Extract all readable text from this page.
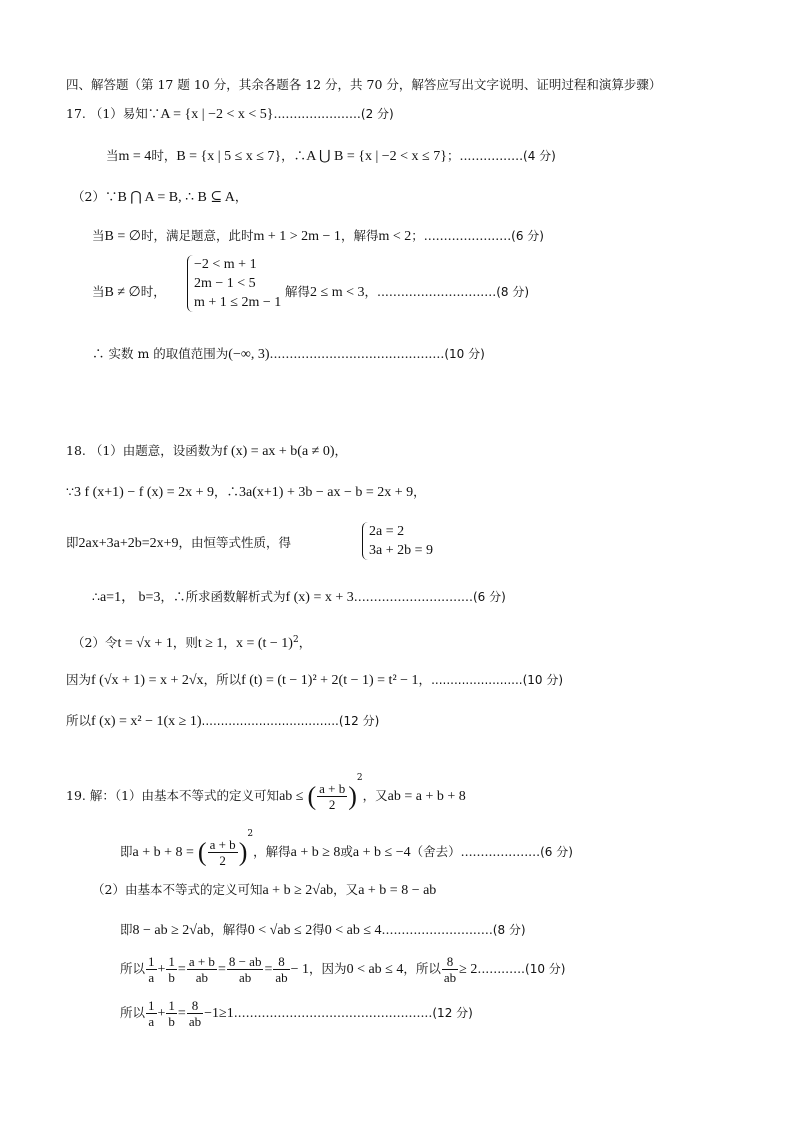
四、解答题（第 17 题 10 分，其余各题各 12 分，共 70 分，解答应写出文字说明、证明过程和演算步骤）
17. （1）易知∵A = {x | −2 < x < 5}......................(2 分)
当m = 4时，B = {x | 5 ≤ x ≤ 7}，∴A ⋃ B = {x | −2 < x ≤ 7}；................(4 分)
（2）∵B ⋂ A = B, ∴ B ⊆ A，
当B = ∅时，满足题意，此时m + 1 > 2m − 1，解得m < 2；......................(6 分)
当B ≠ ∅时，
−2 < m + 1
2m − 1 < 5
m + 1 ≤ 2m − 1
解得2 ≤ m < 3，..............................(8 分)
∴ 实数 m 的取值范围为(−∞, 3)............................................(10 分)
18. （1）由题意，设函数为f (x) = ax + b(a ≠ 0)，
∵3 f (x+1) − f (x) = 2x + 9，∴3a(x+1) + 3b − ax − b = 2x + 9，
即2ax+3a+2b=2x+9，由恒等式性质，得
2a = 2
3a + 2b = 9
∴a=1， b=3，∴所求函数解析式为f (x) = x + 3..............................(6 分)
（2）令t = √x + 1，则t ≥ 1，$x = (t - 1)^2$，
因为f (√x + 1) = x + 2√x，所以f (t) = (t − 1)² + 2(t − 1) = t² − 1，........................(10 分)
所以f (x) = x² − 1(x ≥ 1)....................................(12 分)
19. 解：（1）由基本不等式的定义可知ab ≤ ( $\frac{a + b}{2} )^2$，又ab = a + b + 8
即a + b + 8 = ( $\frac{a + b}{2} )^2$，解得a + b ≥ 8或a + b ≤ −4（舍去）....................(6 分)
（2）由基本不等式的定义可知a + b ≥ 2√ab，又a + b = 8 − ab
即8 − ab ≥ 2√ab，解得0 < √ab ≤ 2得0 < ab ≤ 4............................(8 分)
所以 $\frac{1}{a} + \frac{1}{b} = \frac{a + b}{ab} = \frac{8 - ab}{ab} = \frac{8}{ab} - 1$，因为0 < ab ≤ 4，所以 $\frac{8}{ab} \ge 2............(10$ 分)
所以 $\frac{1}{a} + \frac{1}{b} = \frac{8}{ab} -1\ge 1..................................................(12$ 分)
